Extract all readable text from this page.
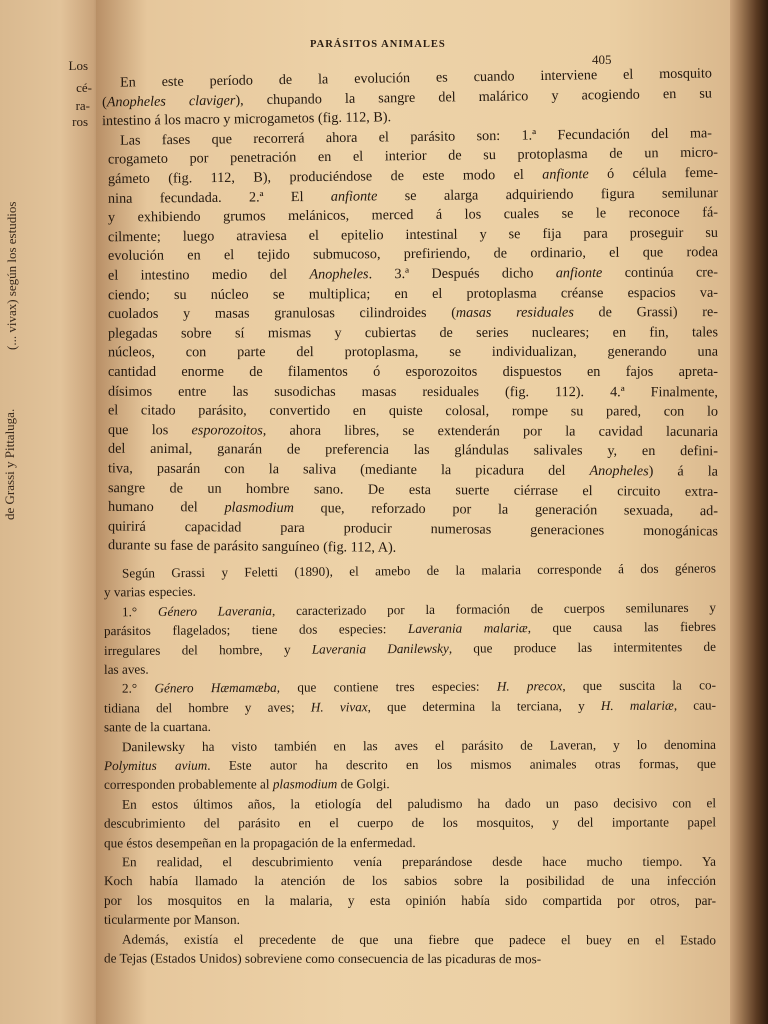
Los
cé-
ra-
ros
(... vivax) según los estudios
de Grassi y Pittaluga.
PARÁSITOS ANIMALES
405
En este período de la evolución es cuando interviene el mosquito
(Anopheles claviger), chupando la sangre del malárico y acogiendo en su
intestino á los macro y microgametos (fig. 112, B).
Las fases que recorrerá ahora el parásito son: 1.ª Fecundación del ma-
crogameto por penetración en el interior de su protoplasma de un micro-
gámeto (fig. 112, B), produciéndose de este modo el anfionte ó célula feme-
nina fecundada. 2.ª El anfionte se alarga adquiriendo figura semilunar
y exhibiendo grumos melánicos, merced á los cuales se le reconoce fá-
cilmente; luego atraviesa el epitelio intestinal y se fija para proseguir su
evolución en el tejido submucoso, prefiriendo, de ordinario, el que rodea
el intestino medio del Anopheles. 3.ª Después dicho anfionte continúa cre-
ciendo; su núcleo se multiplica; en el protoplasma créanse espacios va-
cuolados y masas granulosas cilindroides (masas residuales de Grassi) re-
plegadas sobre sí mismas y cubiertas de series nucleares; en fin, tales
núcleos, con parte del protoplasma, se individualizan, generando una
cantidad enorme de filamentos ó esporozoitos dispuestos en fajos apreta-
dísimos entre las susodichas masas residuales (fig. 112). 4.ª Finalmente,
el citado parásito, convertido en quiste colosal, rompe su pared, con lo
que los esporozoitos, ahora libres, se extenderán por la cavidad lacunaria
del animal, ganarán de preferencia las glándulas salivales y, en defini-
tiva, pasarán con la saliva (mediante la picadura del Anopheles) á la
sangre de un hombre sano. De esta suerte ciérrase el circuito extra-
humano del plasmodium que, reforzado por la generación sexuada, ad-
quirirá capacidad para producir numerosas generaciones monogánicas
durante su fase de parásito sanguíneo (fig. 112, A).
Según Grassi y Feletti (1890), el amebo de la malaria corresponde á dos géneros
y varias especies.
1.° Género Laverania, caracterizado por la formación de cuerpos semilunares y
parásitos flagelados; tiene dos especies: Laverania malariæ, que causa las fiebres
irregulares del hombre, y Laverania Danilewsky, que produce las intermitentes de
las aves.
2.° Género Hæmamæba, que contiene tres especies: H. precox, que suscita la co-
tidiana del hombre y aves; H. vivax, que determina la terciana, y H. malariæ, cau-
sante de la cuartana.
Danilewsky ha visto también en las aves el parásito de Laveran, y lo denomina
Polymitus avium. Este autor ha descrito en los mismos animales otras formas, que
corresponden probablemente al plasmodium de Golgi.
En estos últimos años, la etiología del paludismo ha dado un paso decisivo con el
descubrimiento del parásito en el cuerpo de los mosquitos, y del importante papel
que éstos desempeñan en la propagación de la enfermedad.
En realidad, el descubrimiento venía preparándose desde hace mucho tiempo. Ya
Koch había llamado la atención de los sabios sobre la posibilidad de una infección
por los mosquitos en la malaria, y esta opinión había sido compartida por otros, par-
ticularmente por Manson.
Además, existía el precedente de que una fiebre que padece el buey en el Estado
de Tejas (Estados Unidos) sobreviene como consecuencia de las picaduras de mos-
